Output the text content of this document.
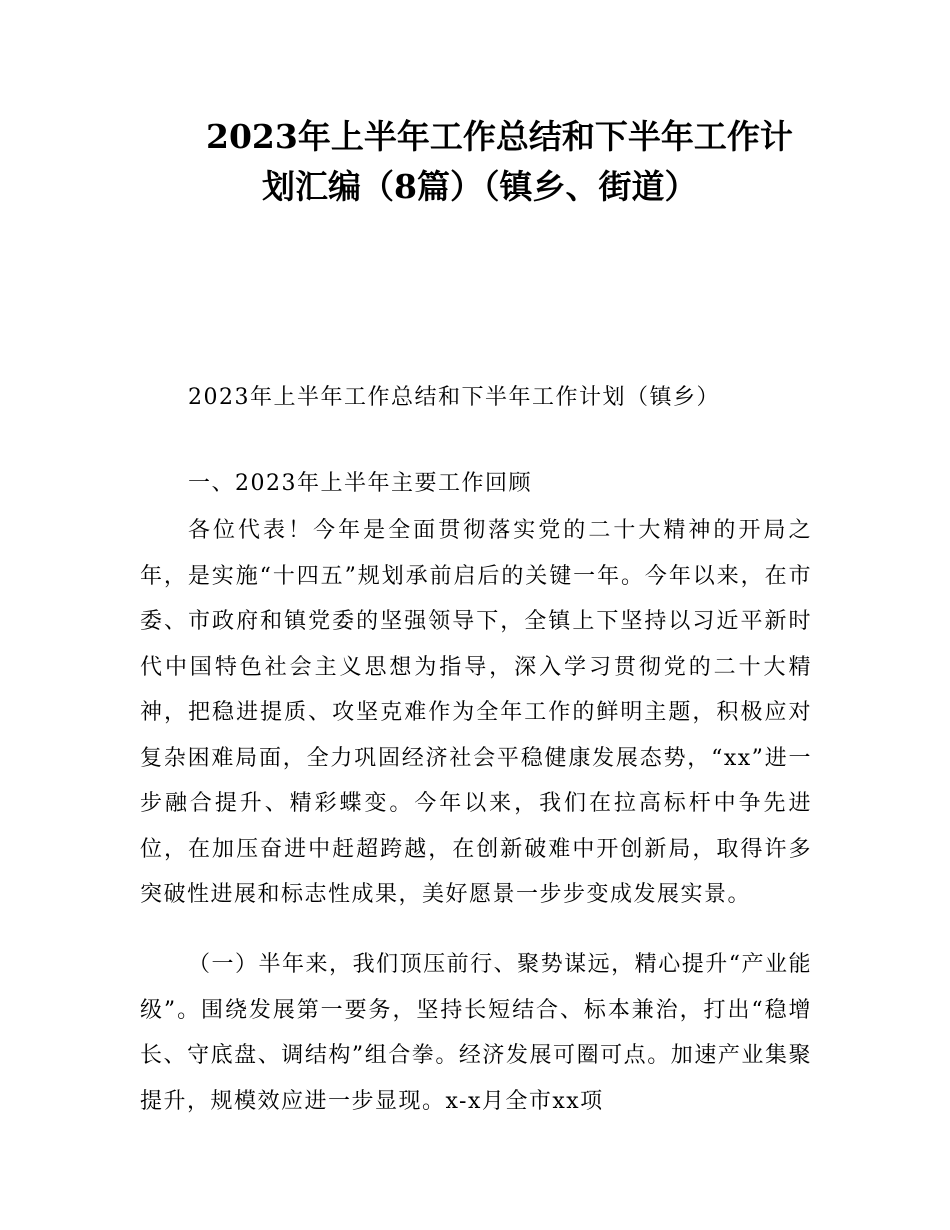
2023年上半年工作总结和下半年工作计
划汇编（8篇）（镇乡、街道）
2023年上半年工作总结和下半年工作计划（镇乡）
一、2023年上半年主要工作回顾

各位代表！今年是全面贯彻落实党的二十大精神的开局之年，是实施“十四五”规划承前启后的关键一年。今年以来，在市委、市政府和镇党委的坚强领导下，全镇上下坚持以习近平新时代中国特色社会主义思想为指导，深入学习贯彻党的二十大精神，把稳进提质、攻坚克难作为全年工作的鲜明主题，积极应对复杂困难局面，全力巩固经济社会平稳健康发展态势，“xx”进一步融合提升、精彩蝶变。今年以来，我们在拉高标杆中争先进位，在加压奋进中赶超跨越，在创新破难中开创新局，取得许多突破性进展和标志性成果，美好愿景一步步变成发展实景。

（一）半年来，我们顶压前行、聚势谋远，精心提升“产业能级”。围绕发展第一要务，坚持长短结合、标本兼治，打出“稳增长、守底盘、调结构”组合拳。经济发展可圈可点。加速产业集聚提升，规模效应进一步显现。x-x月全市xx项
